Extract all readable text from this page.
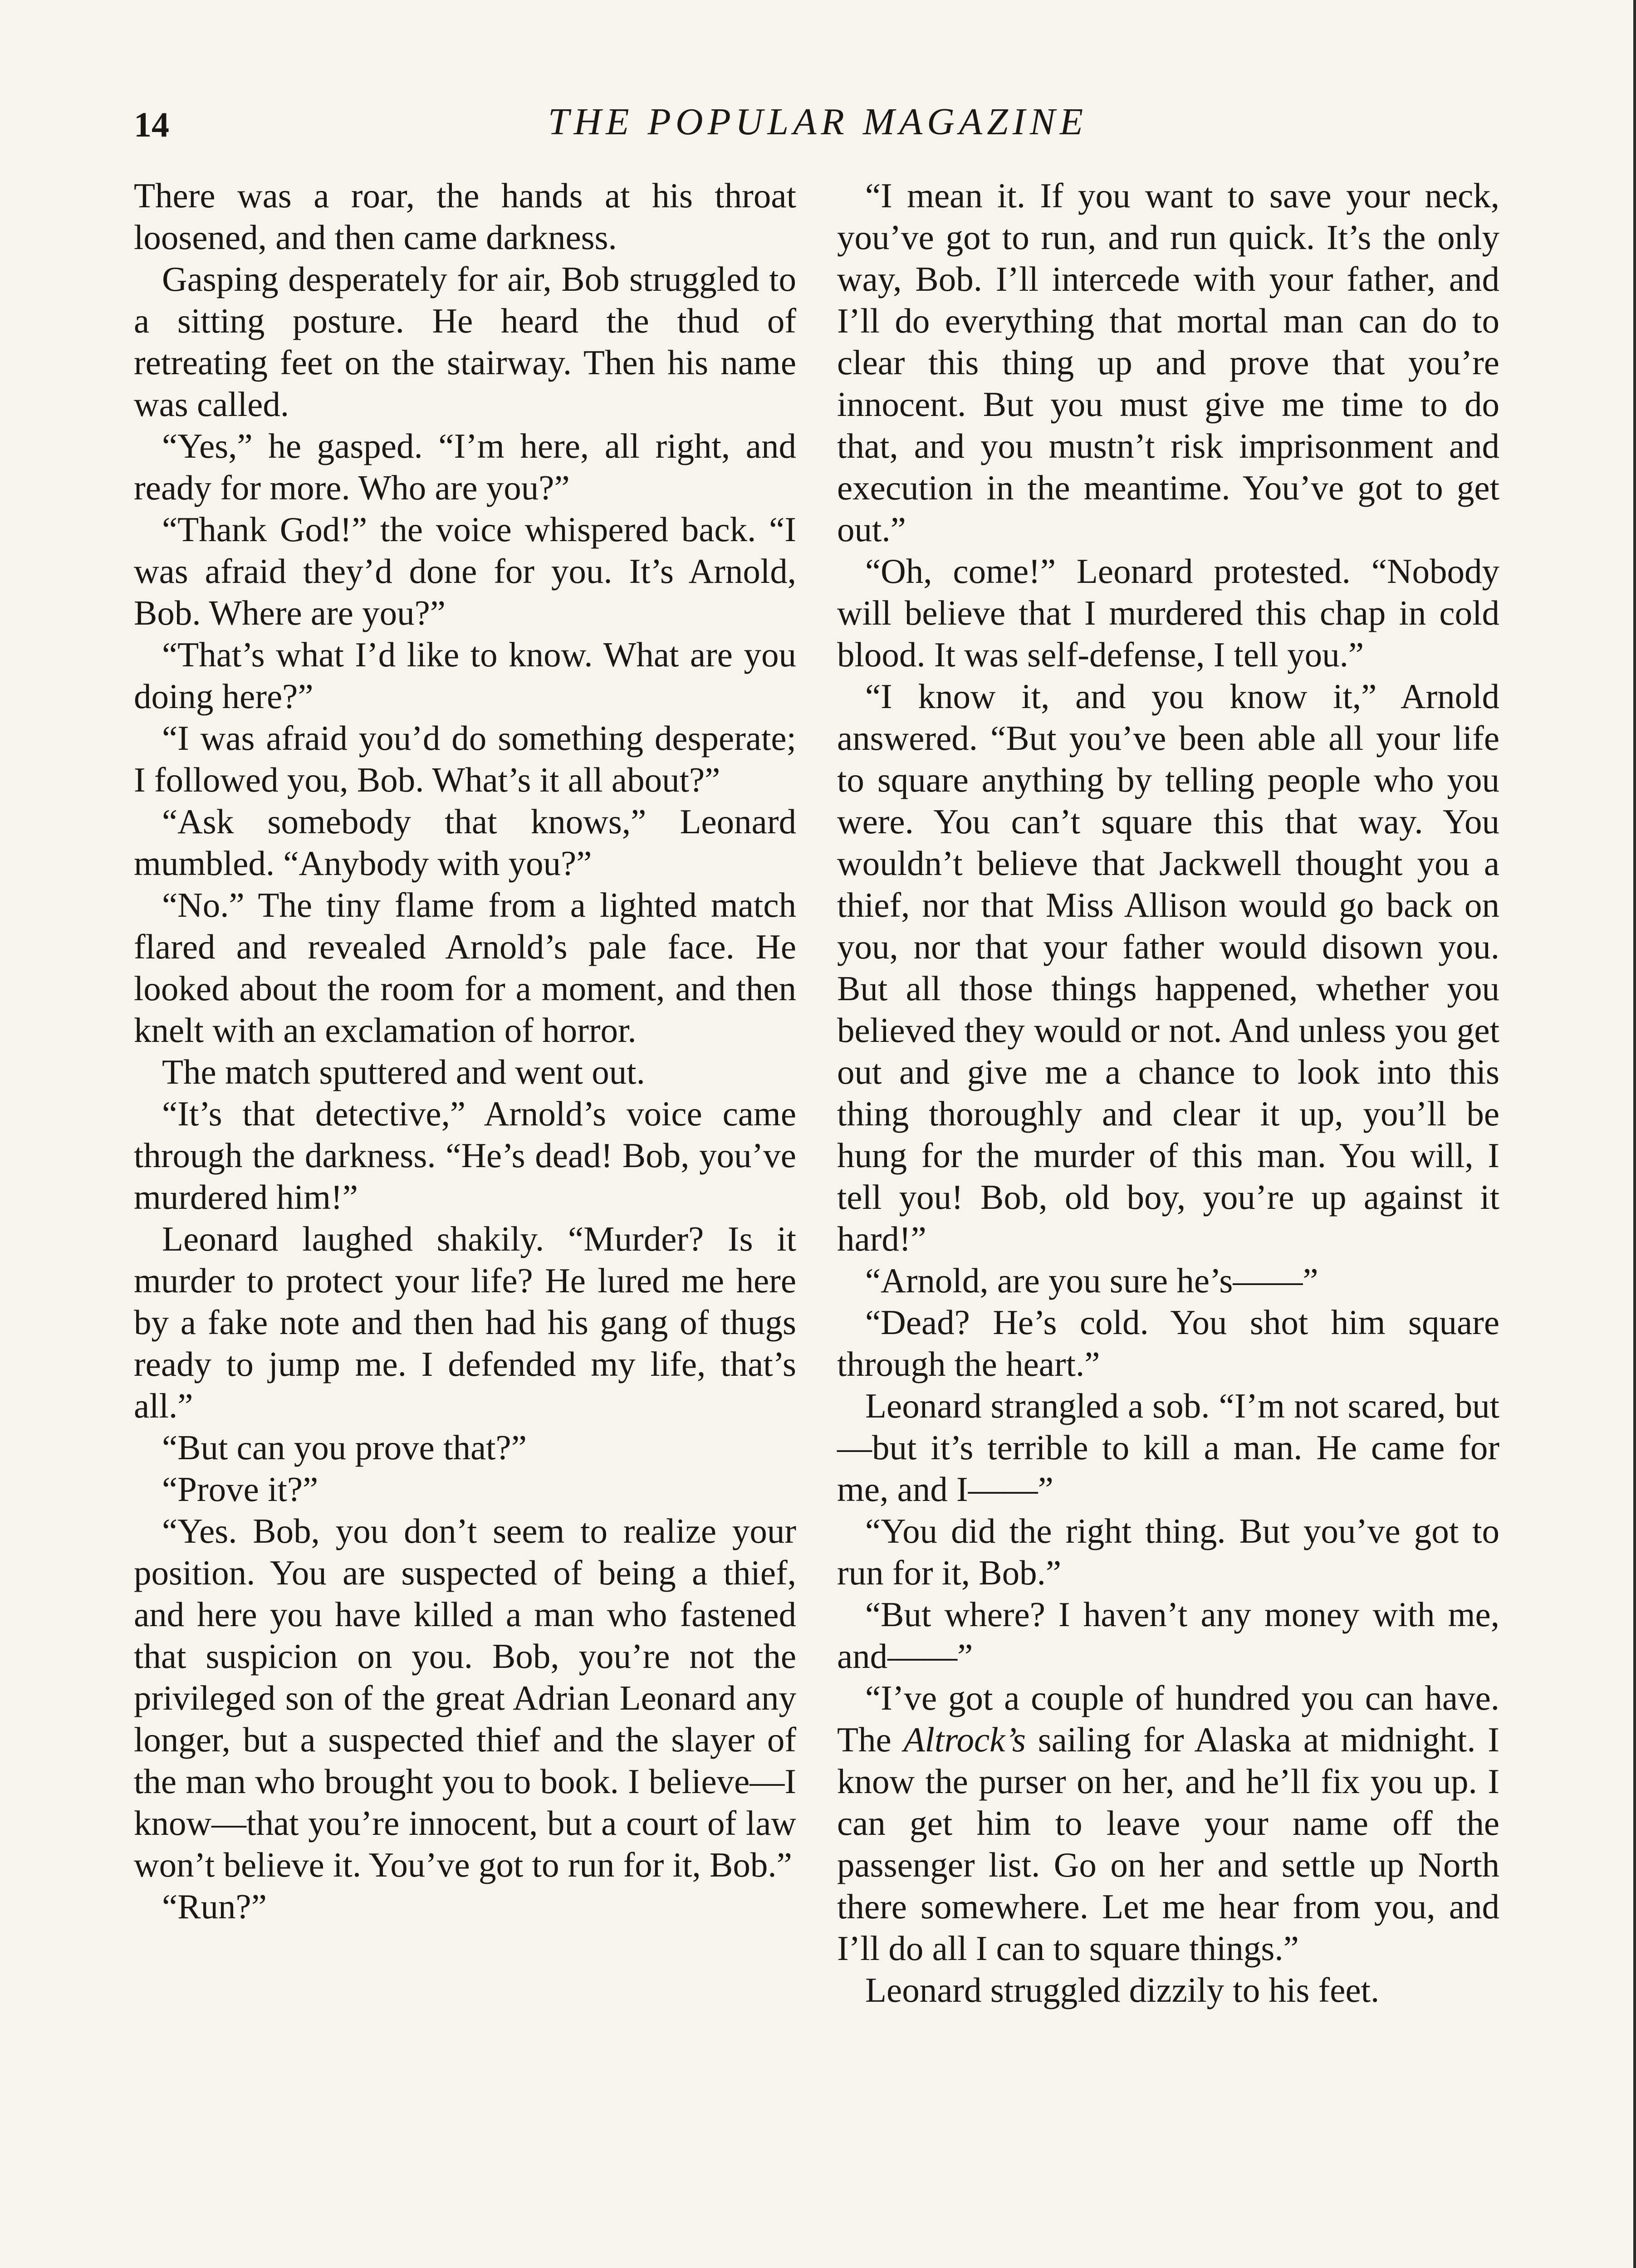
14	THE POPULAR MAGAZINE

There was a roar, the hands at his throat loosened, and then came darkness.

Gasping desperately for air, Bob struggled to a sitting posture. He heard the thud of retreating feet on the stairway. Then his name was called.

“Yes,” he gasped. “I’m here, all right, and ready for more. Who are you?”

“Thank God!” the voice whispered back. “I was afraid they’d done for you. It’s Arnold, Bob. Where are you?”

“That’s what I’d like to know. What are you doing here?”

“I was afraid you’d do something desperate; I followed you, Bob. What’s it all about?”

“Ask somebody that knows,” Leonard mumbled. “Anybody with you?”

“No.” The tiny flame from a lighted match flared and revealed Arnold’s pale face. He looked about the room for a moment, and then knelt with an exclamation of horror.

The match sputtered and went out.

“It’s that detective,” Arnold’s voice came through the darkness. “He’s dead! Bob, you’ve murdered him!”

Leonard laughed shakily. “Murder? Is it murder to protect your life? He lured me here by a fake note and then had his gang of thugs ready to jump me. I defended my life, that’s all.”

“But can you prove that?”

“Prove it?”

“Yes. Bob, you don’t seem to realize your position. You are suspected of being a thief, and here you have killed a man who fastened that suspicion on you. Bob, you’re not the privileged son of the great Adrian Leonard any longer, but a suspected thief and the slayer of the man who brought you to book. I believe—I know—that you’re innocent, but a court of law won’t believe it. You’ve got to run for it, Bob.”

“Run?”

“I mean it. If you want to save your neck, you’ve got to run, and run quick. It’s the only way, Bob. I’ll intercede with your father, and I’ll do everything that mortal man can do to clear this thing up and prove that you’re innocent. But you must give me time to do that, and you mustn’t risk imprisonment and execution in the meantime. You’ve got to get out.”

“Oh, come!” Leonard protested. “Nobody will believe that I murdered this chap in cold blood. It was self-defense, I tell you.”

“I know it, and you know it,” Arnold answered. “But you’ve been able all your life to square anything by telling people who you were. You can’t square this that way. You wouldn’t believe that Jackwell thought you a thief, nor that Miss Allison would go back on you, nor that your father would disown you. But all those things happened, whether you believed they would or not. And unless you get out and give me a chance to look into this thing thoroughly and clear it up, you’ll be hung for the murder of this man. You will, I tell you! Bob, old boy, you’re up against it hard!”

“Arnold, are you sure he’s——”

“Dead? He’s cold. You shot him square through the heart.”

Leonard strangled a sob. “I’m not scared, but—but it’s terrible to kill a man. He came for me, and I——”

“You did the right thing. But you’ve got to run for it, Bob.”

“But where? I haven’t any money with me, and——”

“I’ve got a couple of hundred you can have. The Altrock’s sailing for Alaska at midnight. I know the purser on her, and he’ll fix you up. I can get him to leave your name off the passenger list. Go on her and settle up North there somewhere. Let me hear from you, and I’ll do all I can to square things.”

Leonard struggled dizzily to his feet.
